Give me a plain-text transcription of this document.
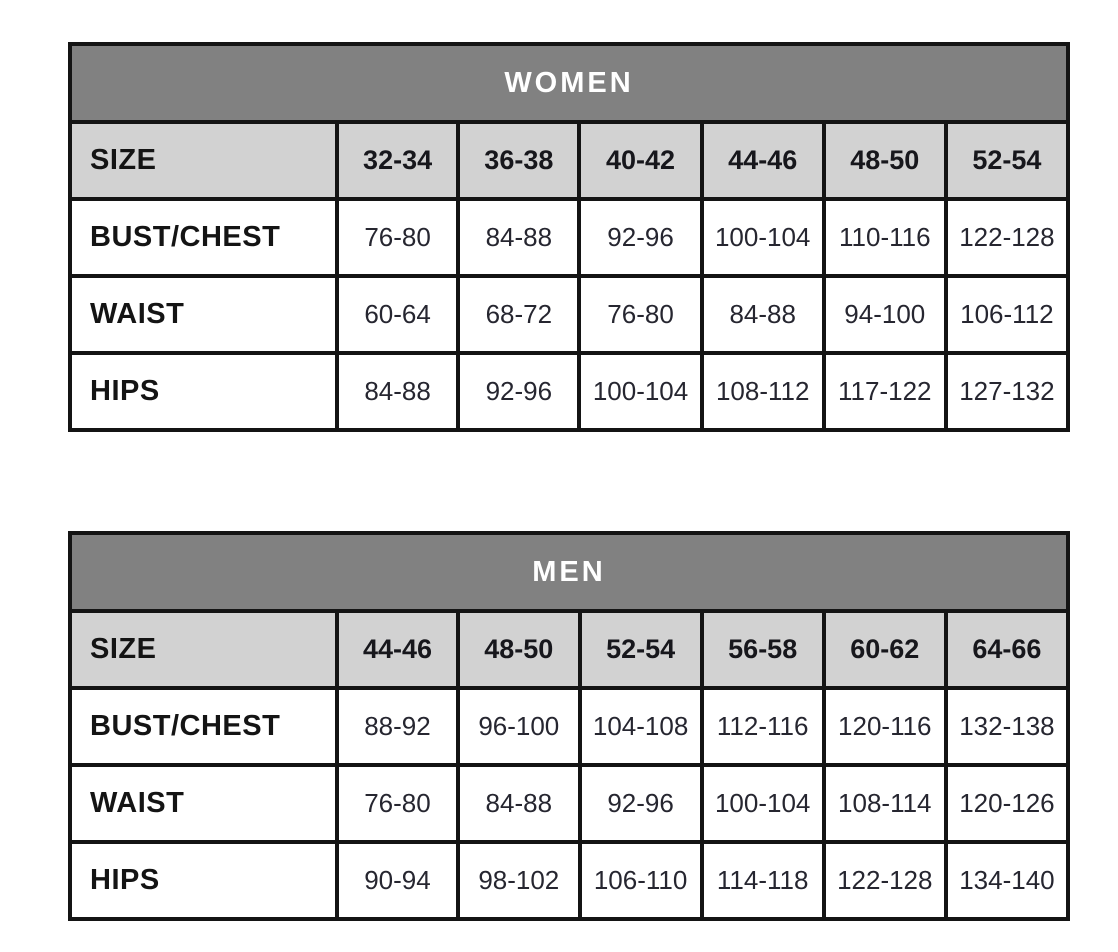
WOMEN						
SIZE	32-34	36-38	40-42	44-46	48-50	52-54
BUST/CHEST	76-80	84-88	92-96	100-104	110-116	122-128
WAIST	60-64	68-72	76-80	84-88	94-100	106-112
HIPS	84-88	92-96	100-104	108-112	117-122	127-132
MEN						
SIZE	44-46	48-50	52-54	56-58	60-62	64-66
BUST/CHEST	88-92	96-100	104-108	112-116	120-116	132-138
WAIST	76-80	84-88	92-96	100-104	108-114	120-126
HIPS	90-94	98-102	106-110	114-118	122-128	134-140
